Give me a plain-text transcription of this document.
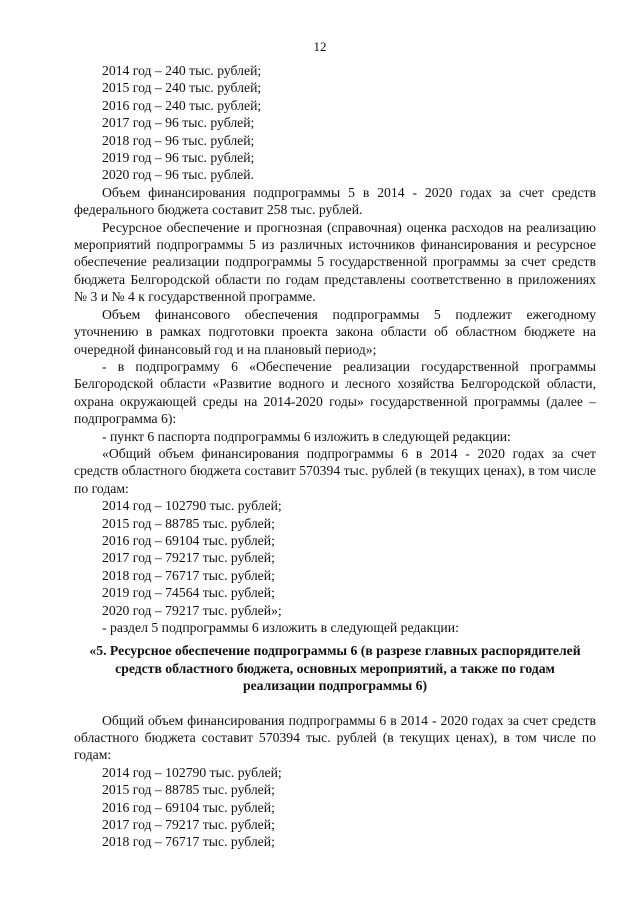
12

2014 год – 240 тыс. рублей;

2015 год – 240 тыс. рублей;

2016 год – 240 тыс. рублей;

2017 год – 96 тыс. рублей;

2018 год – 96 тыс. рублей;

2019 год – 96 тыс. рублей;

2020 год – 96 тыс. рублей.

Объем финансирования подпрограммы 5 в 2014 - 2020 годах за счет средств федерального бюджета составит 258 тыс. рублей.

Ресурсное обеспечение и прогнозная (справочная) оценка расходов на реализацию мероприятий подпрограммы 5 из различных источников финансирования и ресурсное обеспечение реализации подпрограммы 5 государственной программы за счет средств бюджета Белгородской области по годам представлены соответственно в приложениях № 3 и № 4 к государственной программе.

Объем финансового обеспечения подпрограммы 5 подлежит ежегодному уточнению в рамках подготовки проекта закона области об областном бюджете на очередной финансовый год и на плановый период»;

- в подпрограмму 6 «Обеспечение реализации государственной программы Белгородской области «Развитие водного и лесного хозяйства Белгородской области, охрана окружающей среды на 2014-2020 годы» государственной программы (далее – подпрограмма 6):

- пункт 6 паспорта подпрограммы 6 изложить в следующей редакции:

«Общий объем финансирования подпрограммы 6 в 2014 - 2020 годах за счет средств областного бюджета составит 570394 тыс. рублей (в текущих ценах), в том числе по годам:

2014 год – 102790 тыс. рублей;

2015 год – 88785 тыс. рублей;

2016 год – 69104 тыс. рублей;

2017 год – 79217 тыс. рублей;

2018 год – 76717 тыс. рублей;

2019 год – 74564 тыс. рублей;

2020 год – 79217 тыс. рублей»;

- раздел 5 подпрограммы 6 изложить в следующей редакции:

«5. Ресурсное обеспечение подпрограммы 6 (в разрезе главных распорядителей средств областного бюджета, основных мероприятий, а также по годам реализации подпрограммы 6)

Общий объем финансирования подпрограммы 6 в 2014 - 2020 годах за счет средств областного бюджета составит 570394 тыс. рублей (в текущих ценах), в том числе по годам:

2014 год – 102790 тыс. рублей;

2015 год – 88785 тыс. рублей;

2016 год – 69104 тыс. рублей;

2017 год – 79217 тыс. рублей;

2018 год – 76717 тыс. рублей;
